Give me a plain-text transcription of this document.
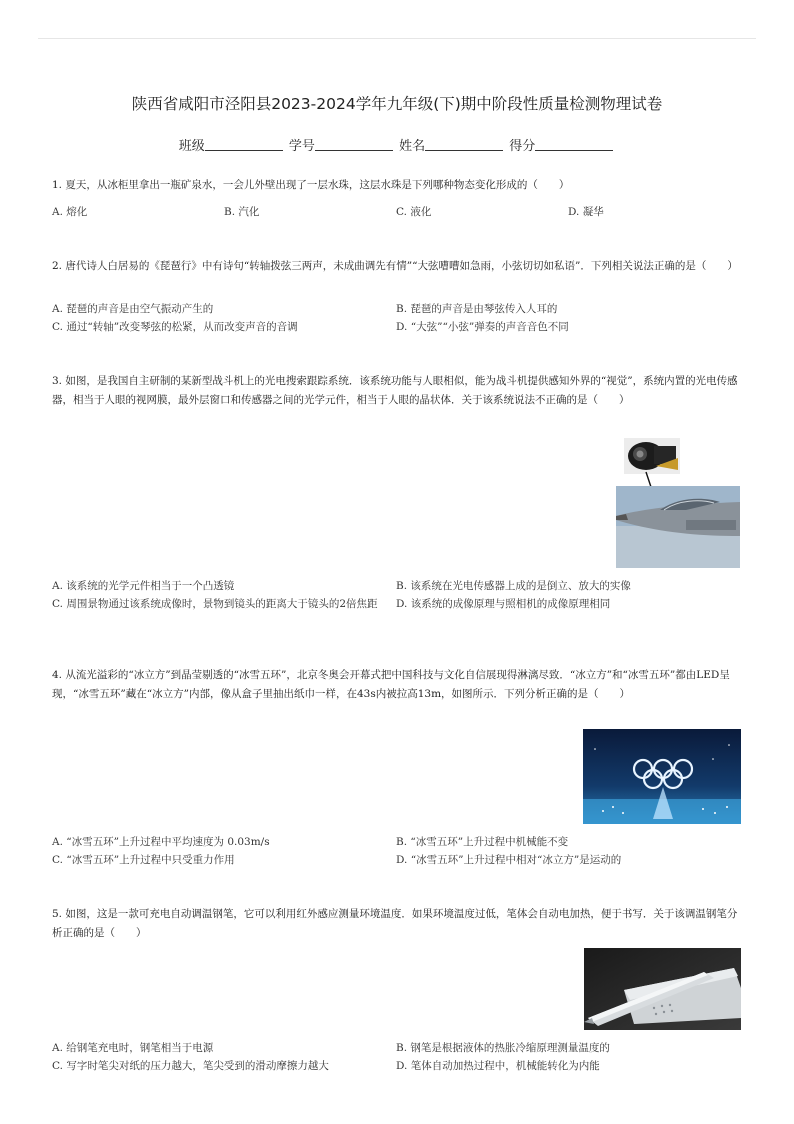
陕西省咸阳市泾阳县2023-2024学年九年级(下)期中阶段性质量检测物理试卷
班级	学号	姓名	得分
1. 夏天，从冰柜里拿出一瓶矿泉水，一会儿外壁出现了一层水珠，这层水珠是下列哪种物态变化形成的（　　）
A. 熔化	B. 汽化	C. 液化	D. 凝华
2. 唐代诗人白居易的《琵琶行》中有诗句“转轴拨弦三两声，未成曲调先有情”“大弦嘈嘈如急雨，小弦切切如私语”．下列相关说法正确的是（　　）
A. 琵琶的声音是由空气振动产生的	B. 琵琶的声音是由琴弦传入人耳的
C. 通过“转轴”改变琴弦的松紧，从而改变声音的音调	D. “大弦”“小弦”弹奏的声音音色不同
3. 如图，是我国自主研制的某新型战斗机上的光电搜索跟踪系统．该系统功能与人眼相似，能为战斗机提供感知外界的“视觉”，系统内置的光电传感器，相当于人眼的视网膜，最外层窗口和传感器之间的光学元件，相当于人眼的晶状体．关于该系统说法不正确的是（　　）
A. 该系统的光学元件相当于一个凸透镜	B. 该系统在光电传感器上成的是倒立、放大的实像
C. 周围景物通过该系统成像时，景物到镜头的距离大于镜头的2倍焦距	D. 该系统的成像原理与照相机的成像原理相同
4. 从流光溢彩的“冰立方”到晶莹剔透的“冰雪五环”，北京冬奥会开幕式把中国科技与文化自信展现得淋漓尽致．“冰立方”和“冰雪五环”都由LED呈现，“冰雪五环”藏在“冰立方”内部，像从盒子里抽出纸巾一样，在43s内被拉高13m，如图所示．下列分析正确的是（　　）
A. “冰雪五环”上升过程中平均速度为 0.03m/s	B. “冰雪五环”上升过程中机械能不变
C. “冰雪五环”上升过程中只受重力作用	D. “冰雪五环”上升过程中相对“冰立方”是运动的
5. 如图，这是一款可充电自动调温钢笔，它可以利用红外感应测量环境温度．如果环境温度过低，笔体会自动电加热，便于书写．关于该调温钢笔分析正确的是（　　）
A. 给钢笔充电时，钢笔相当于电源	B. 钢笔是根据液体的热胀冷缩原理测量温度的
C. 写字时笔尖对纸的压力越大，笔尖受到的滑动摩擦力越大	D. 笔体自动加热过程中，机械能转化为内能
